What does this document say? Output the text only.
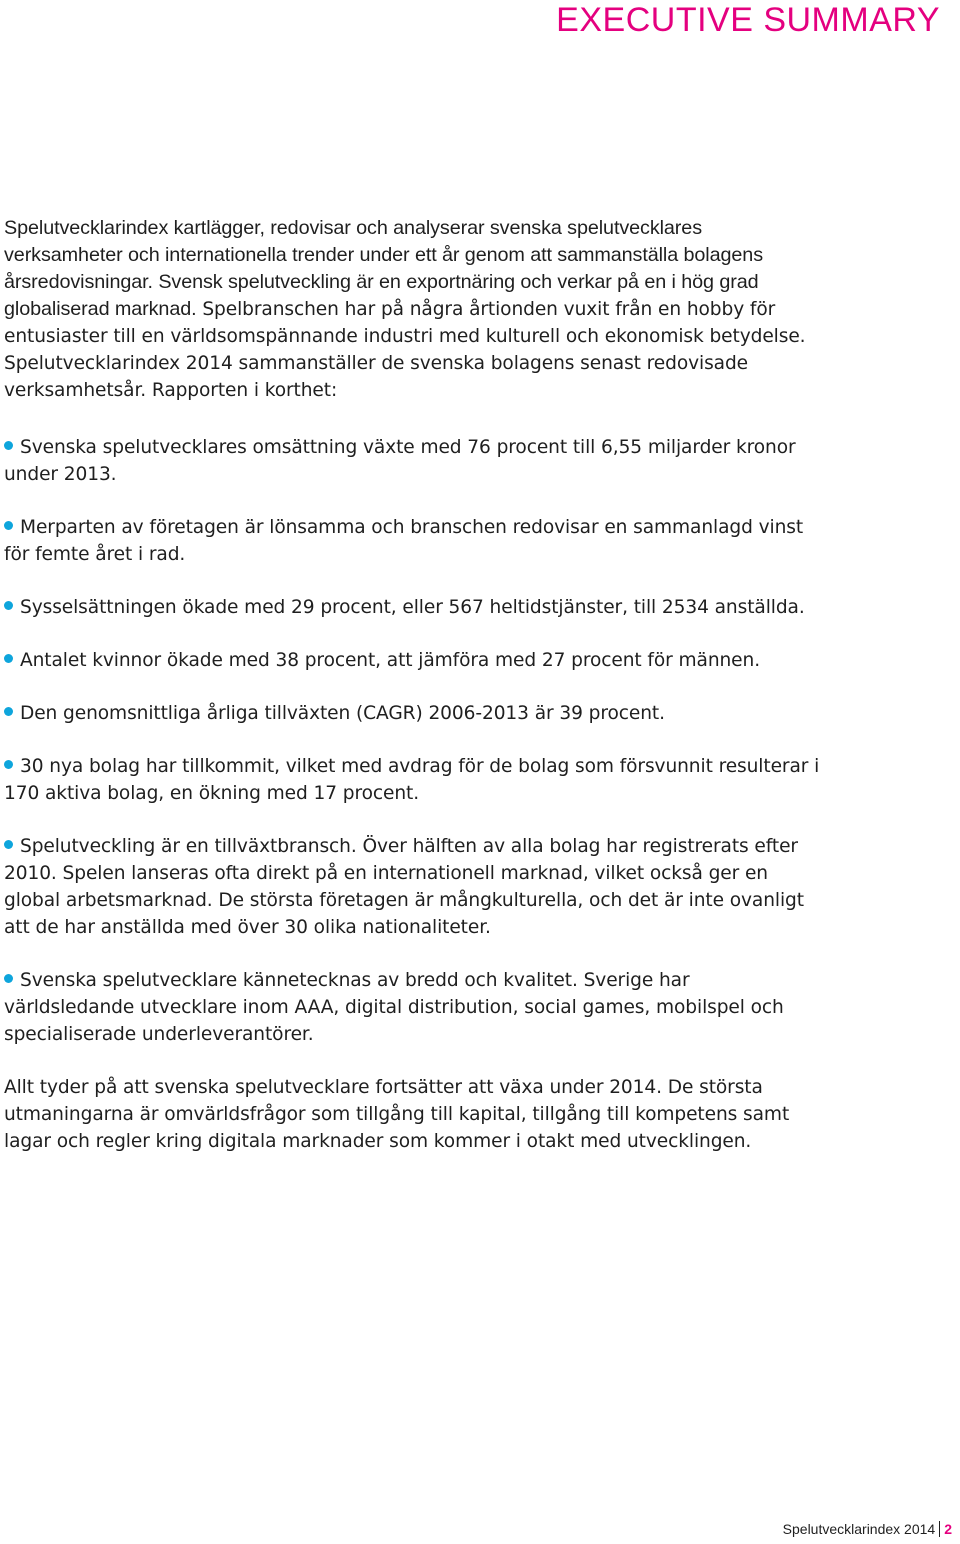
EXECUTIVE SUMMARY

Spelutvecklarindex kartlägger, redovisar och analyserar svenska spelutvecklares verksamheter och internationella trender under ett år genom att sammanställa bolagens årsredovisningar. Svensk spelutveckling är en exportnäring och verkar på en i hög grad globaliserad marknad. Spelbranschen har på några årtionden vuxit från en hobby för entusiaster till en världsomspännande industri med kulturell och ekonomisk betydelse. Spelutvecklarindex 2014 sammanställer de svenska bolagens senast redovisade verksamhetsår. Rapporten i korthet:

Svenska spelutvecklares omsättning växte med 76 procent till 6,55 miljarder kronor under 2013.
Merparten av företagen är lönsamma och branschen redovisar en sammanlagd vinst för femte året i rad.
Sysselsättningen ökade med 29 procent, eller 567 heltidstjänster, till 2534 anställda.
Antalet kvinnor ökade med 38 procent, att jämföra med 27 procent för männen.
Den genomsnittliga årliga tillväxten (CAGR) 2006-2013 är 39 procent.
30 nya bolag har tillkommit, vilket med avdrag för de bolag som försvunnit resulterar i 170 aktiva bolag, en ökning med 17 procent.
Spelutveckling är en tillväxtbransch. Över hälften av alla bolag har registrerats efter 2010. Spelen lanseras ofta direkt på en internationell marknad, vilket också ger en global arbetsmarknad. De största företagen är mångkulturella, och det är inte ovanligt att de har anställda med över 30 olika nationaliteter.
Svenska spelutvecklare kännetecknas av bredd och kvalitet. Sverige har världsledande utvecklare inom AAA, digital distribution, social games, mobilspel och specialiserade underleverantörer.

Allt tyder på att svenska spelutvecklare fortsätter att växa under 2014. De största utmaningarna är omvärldsfrågor som tillgång till kapital, tillgång till kompetens samt lagar och regler kring digitala marknader som kommer i otakt med utvecklingen.

Spelutvecklarindex 2014 2
